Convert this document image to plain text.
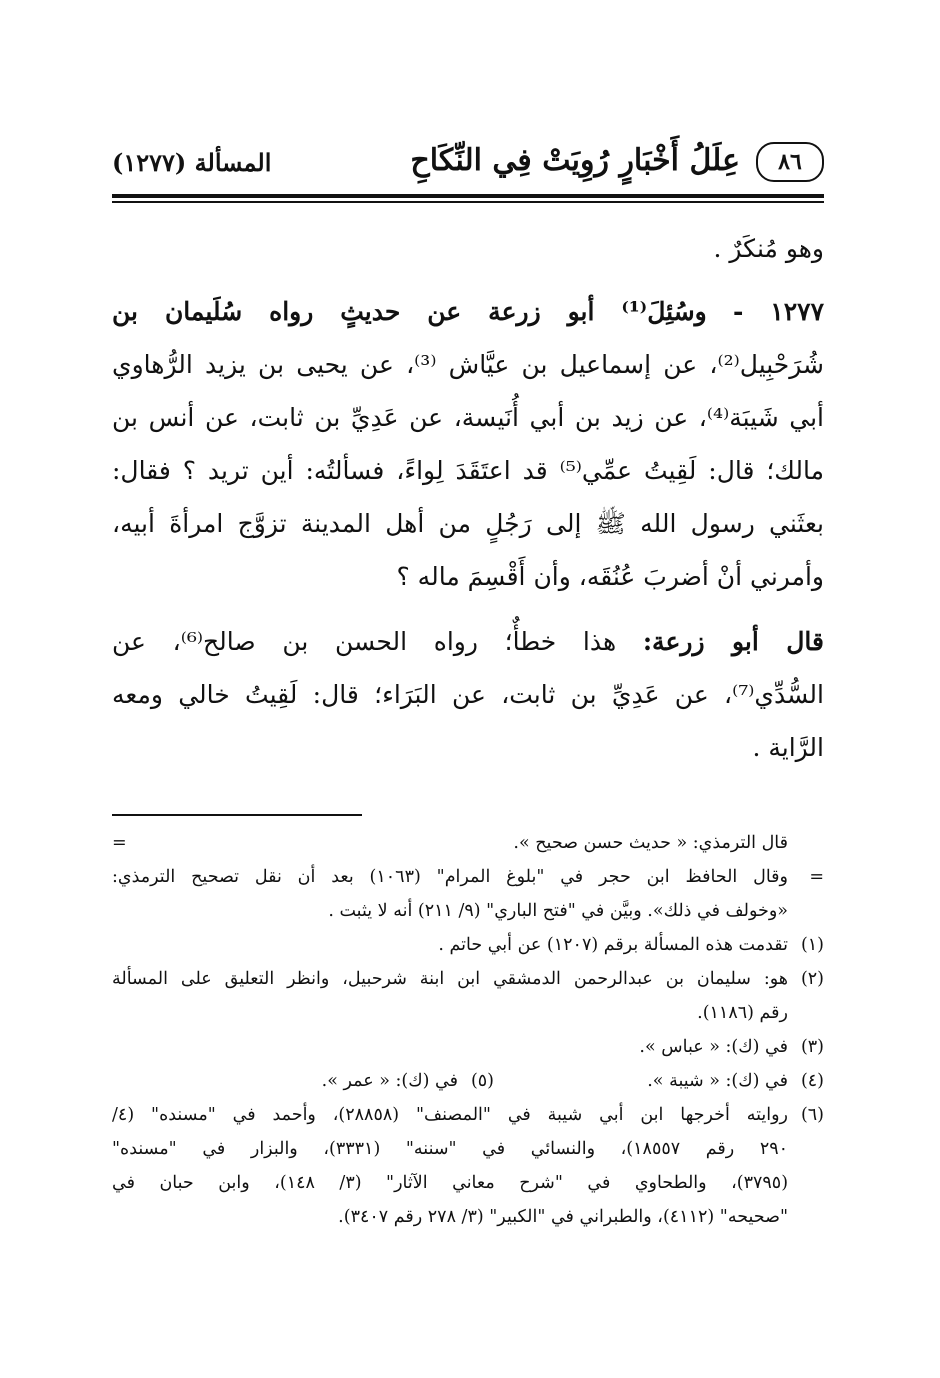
٨٦
عِلَلُ أَخْبَارٍ رُوِيَتْ فِي النِّكَاحِ
المسألة (١٢٧٧)

وهو مُنكَرٌ .

١٢٧٧ - وسُئِلَ⁽¹⁾ أبو زرعة عن حديثٍ رواه سُلَيمان بن
شُرَحْبِيل⁽²⁾، عن إسماعيل بن عيَّاش ⁽³⁾، عن يحيى بن يزيد الرُّهاوي
أبي شَيبَة⁽⁴⁾، عن زيد بن أبي أُنَيسة، عن عَدِيِّ بن ثابت، عن أنس بن
مالك؛ قال: لَقِيتُ عمِّي⁽⁵⁾ قد اعتَقَدَ لِواءً، فسألتُه: أين تريد ؟ فقال:
بعثَني رسول الله ﷺ إلى رَجُلٍ من أهل المدينة تزوَّج امرأةَ أبيه،
وأمرني أنْ أضربَ عُنُقَه، وأن أَقْسِمَ ماله ؟

قال أبو زرعة: هذا خطأٌ؛ رواه الحسن بن صالح⁽⁶⁾، عن
السُّدِّي⁽⁷⁾، عن عَدِيِّ بن ثابت، عن البَرَاء؛ قال: لَقِيتُ خالي ومعه
الرَّاية .

قال الترمذي: « حديث حسن صحيح ».
=
=
وقال الحافظ ابن حجر في "بلوغ المرام" (١٠٦٣) بعد أن نقل تصحيح الترمذي:
«وخولف في ذلك». وبيَّن في "فتح الباري" (٩/ ٢١١) أنه لا يثبت .
(١)
تقدمت هذه المسألة برقم (١٢٠٧) عن أبي حاتم .
(٢)
هو: سليمان بن عبدالرحمن الدمشقي ابن ابنة شرحبيل، وانظر التعليق على المسألة
رقم (١١٨٦).
(٣)
في (ك): « عباس ».
(٤)
في (ك): « شيبة ».
(٥)
في (ك): « عمر ».
(٦)
روايته أخرجها ابن أبي شيبة في "المصنف" (٢٨٨٥٨)، وأحمد في "مسنده" (٤/
٢٩٠ رقم ١٨٥٥٧)، والنسائي في "سننه" (٣٣٣١)، والبزار في "مسنده"
(٣٧٩٥)، والطحاوي في "شرح معاني الآثار" (٣/ ١٤٨)، وابن حبان في
"صحيحه" (٤١١٢)، والطبراني في "الكبير" (٣/ ٢٧٨ رقم ٣٤٠٧).
